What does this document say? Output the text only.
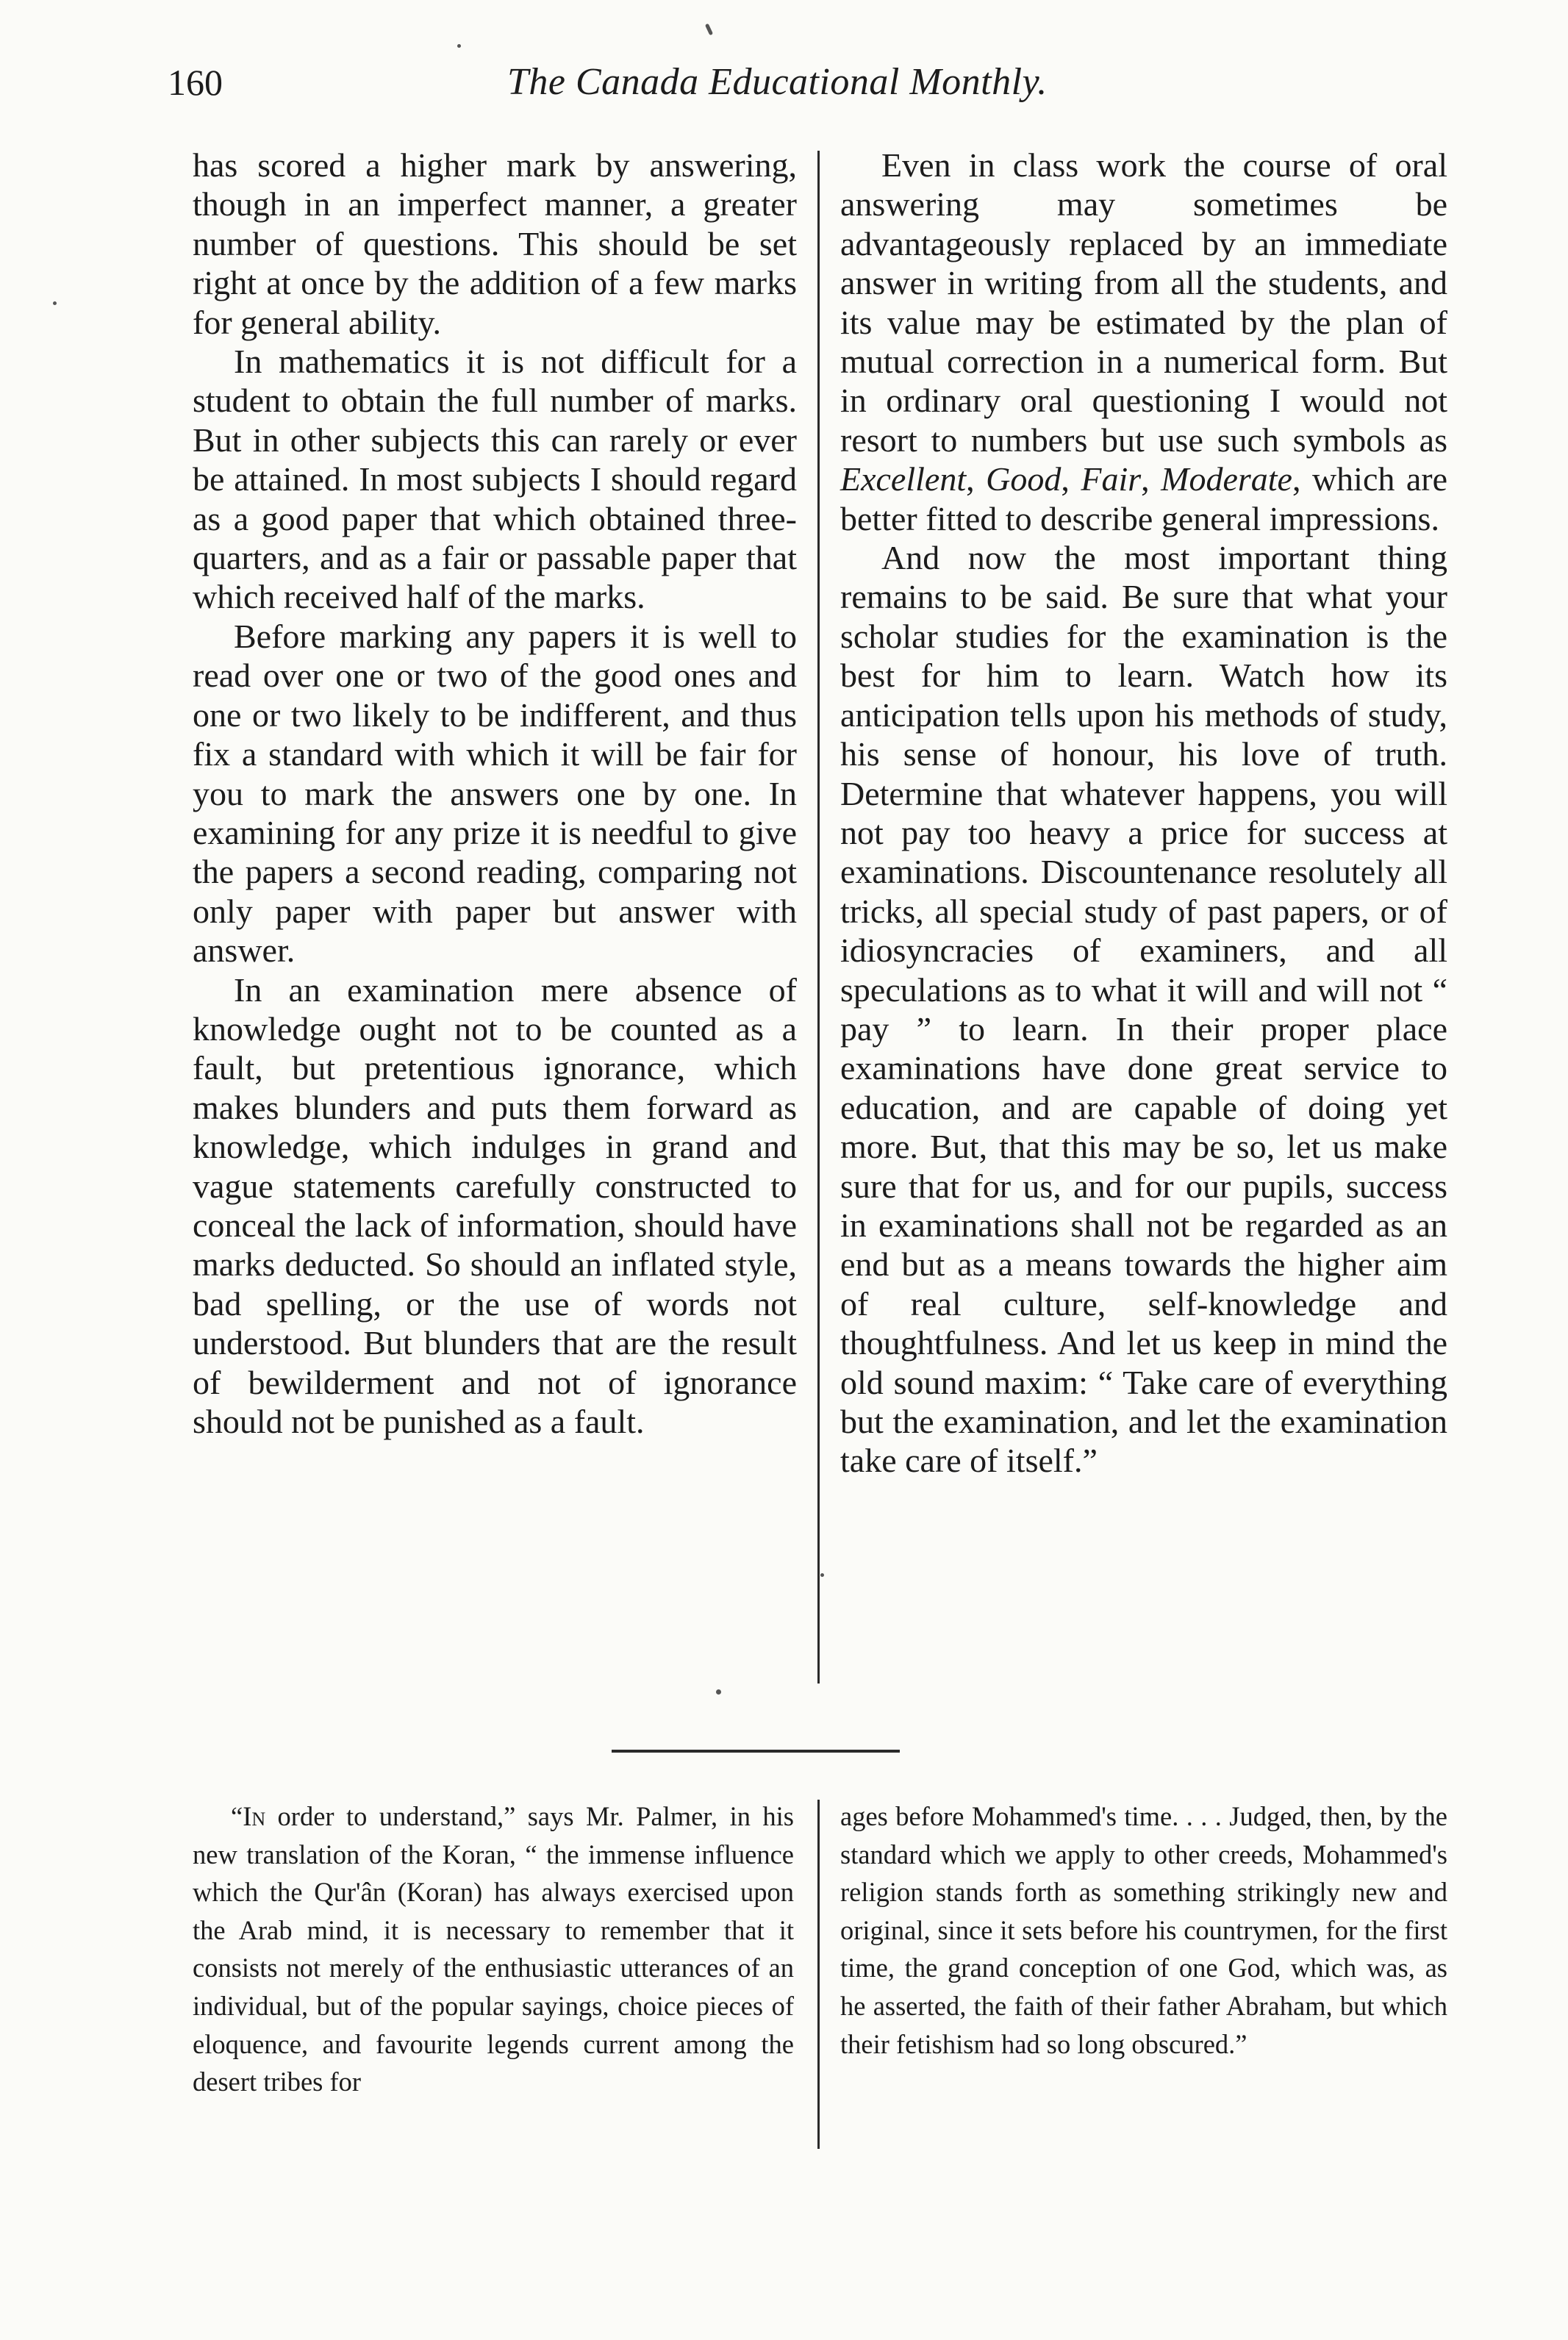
160	The Canada Educational Monthly.

has scored a higher mark by answering, though in an imperfect manner, a greater number of questions. This should be set right at once by the addition of a few marks for general ability.

In mathematics it is not difficult for a student to obtain the full number of marks. But in other subjects this can rarely or ever be attained. In most subjects I should regard as a good paper that which obtained three-quarters, and as a fair or passable paper that which received half of the marks.

Before marking any papers it is well to read over one or two of the good ones and one or two likely to be indifferent, and thus fix a standard with which it will be fair for you to mark the answers one by one. In examining for any prize it is needful to give the papers a second reading, comparing not only paper with paper but answer with answer.

In an examination mere absence of knowledge ought not to be counted as a fault, but pretentious ignorance, which makes blunders and puts them forward as knowledge, which indulges in grand and vague statements carefully constructed to conceal the lack of information, should have marks deducted. So should an inflated style, bad spelling, or the use of words not understood. But blunders that are the result of bewilderment and not of ignorance should not be punished as a fault.

Even in class work the course of oral answering may sometimes be advantageously replaced by an immediate answer in writing from all the students, and its value may be estimated by the plan of mutual correction in a numerical form. But in ordinary oral questioning I would not resort to numbers but use such symbols as Excellent, Good, Fair, Moderate, which are better fitted to describe general impressions.

And now the most important thing remains to be said. Be sure that what your scholar studies for the examination is the best for him to learn. Watch how its anticipation tells upon his methods of study, his sense of honour, his love of truth. Determine that whatever happens, you will not pay too heavy a price for success at examinations. Discountenance resolutely all tricks, all special study of past papers, or of idiosyncracies of examiners, and all speculations as to what it will and will not “ pay ” to learn. In their proper place examinations have done great service to education, and are capable of doing yet more. But, that this may be so, let us make sure that for us, and for our pupils, success in examinations shall not be regarded as an end but as a means towards the higher aim of real culture, self-knowledge and thoughtfulness. And let us keep in mind the old sound maxim: “ Take care of everything but the examination, and let the examination take care of itself.”

“In order to understand,” says Mr. Palmer, in his new translation of the Koran, “ the immense influence which the Qur'ân (Koran) has always exercised upon the Arab mind, it is necessary to remember that it consists not merely of the enthusiastic utterances of an individual, but of the popular sayings, choice pieces of eloquence, and favourite legends current among the desert tribes for

ages before Mohammed's time. . . . Judged, then, by the standard which we apply to other creeds, Mohammed's religion stands forth as something strikingly new and original, since it sets before his countrymen, for the first time, the grand conception of one God, which was, as he asserted, the faith of their father Abraham, but which their fetishism had so long obscured.”
